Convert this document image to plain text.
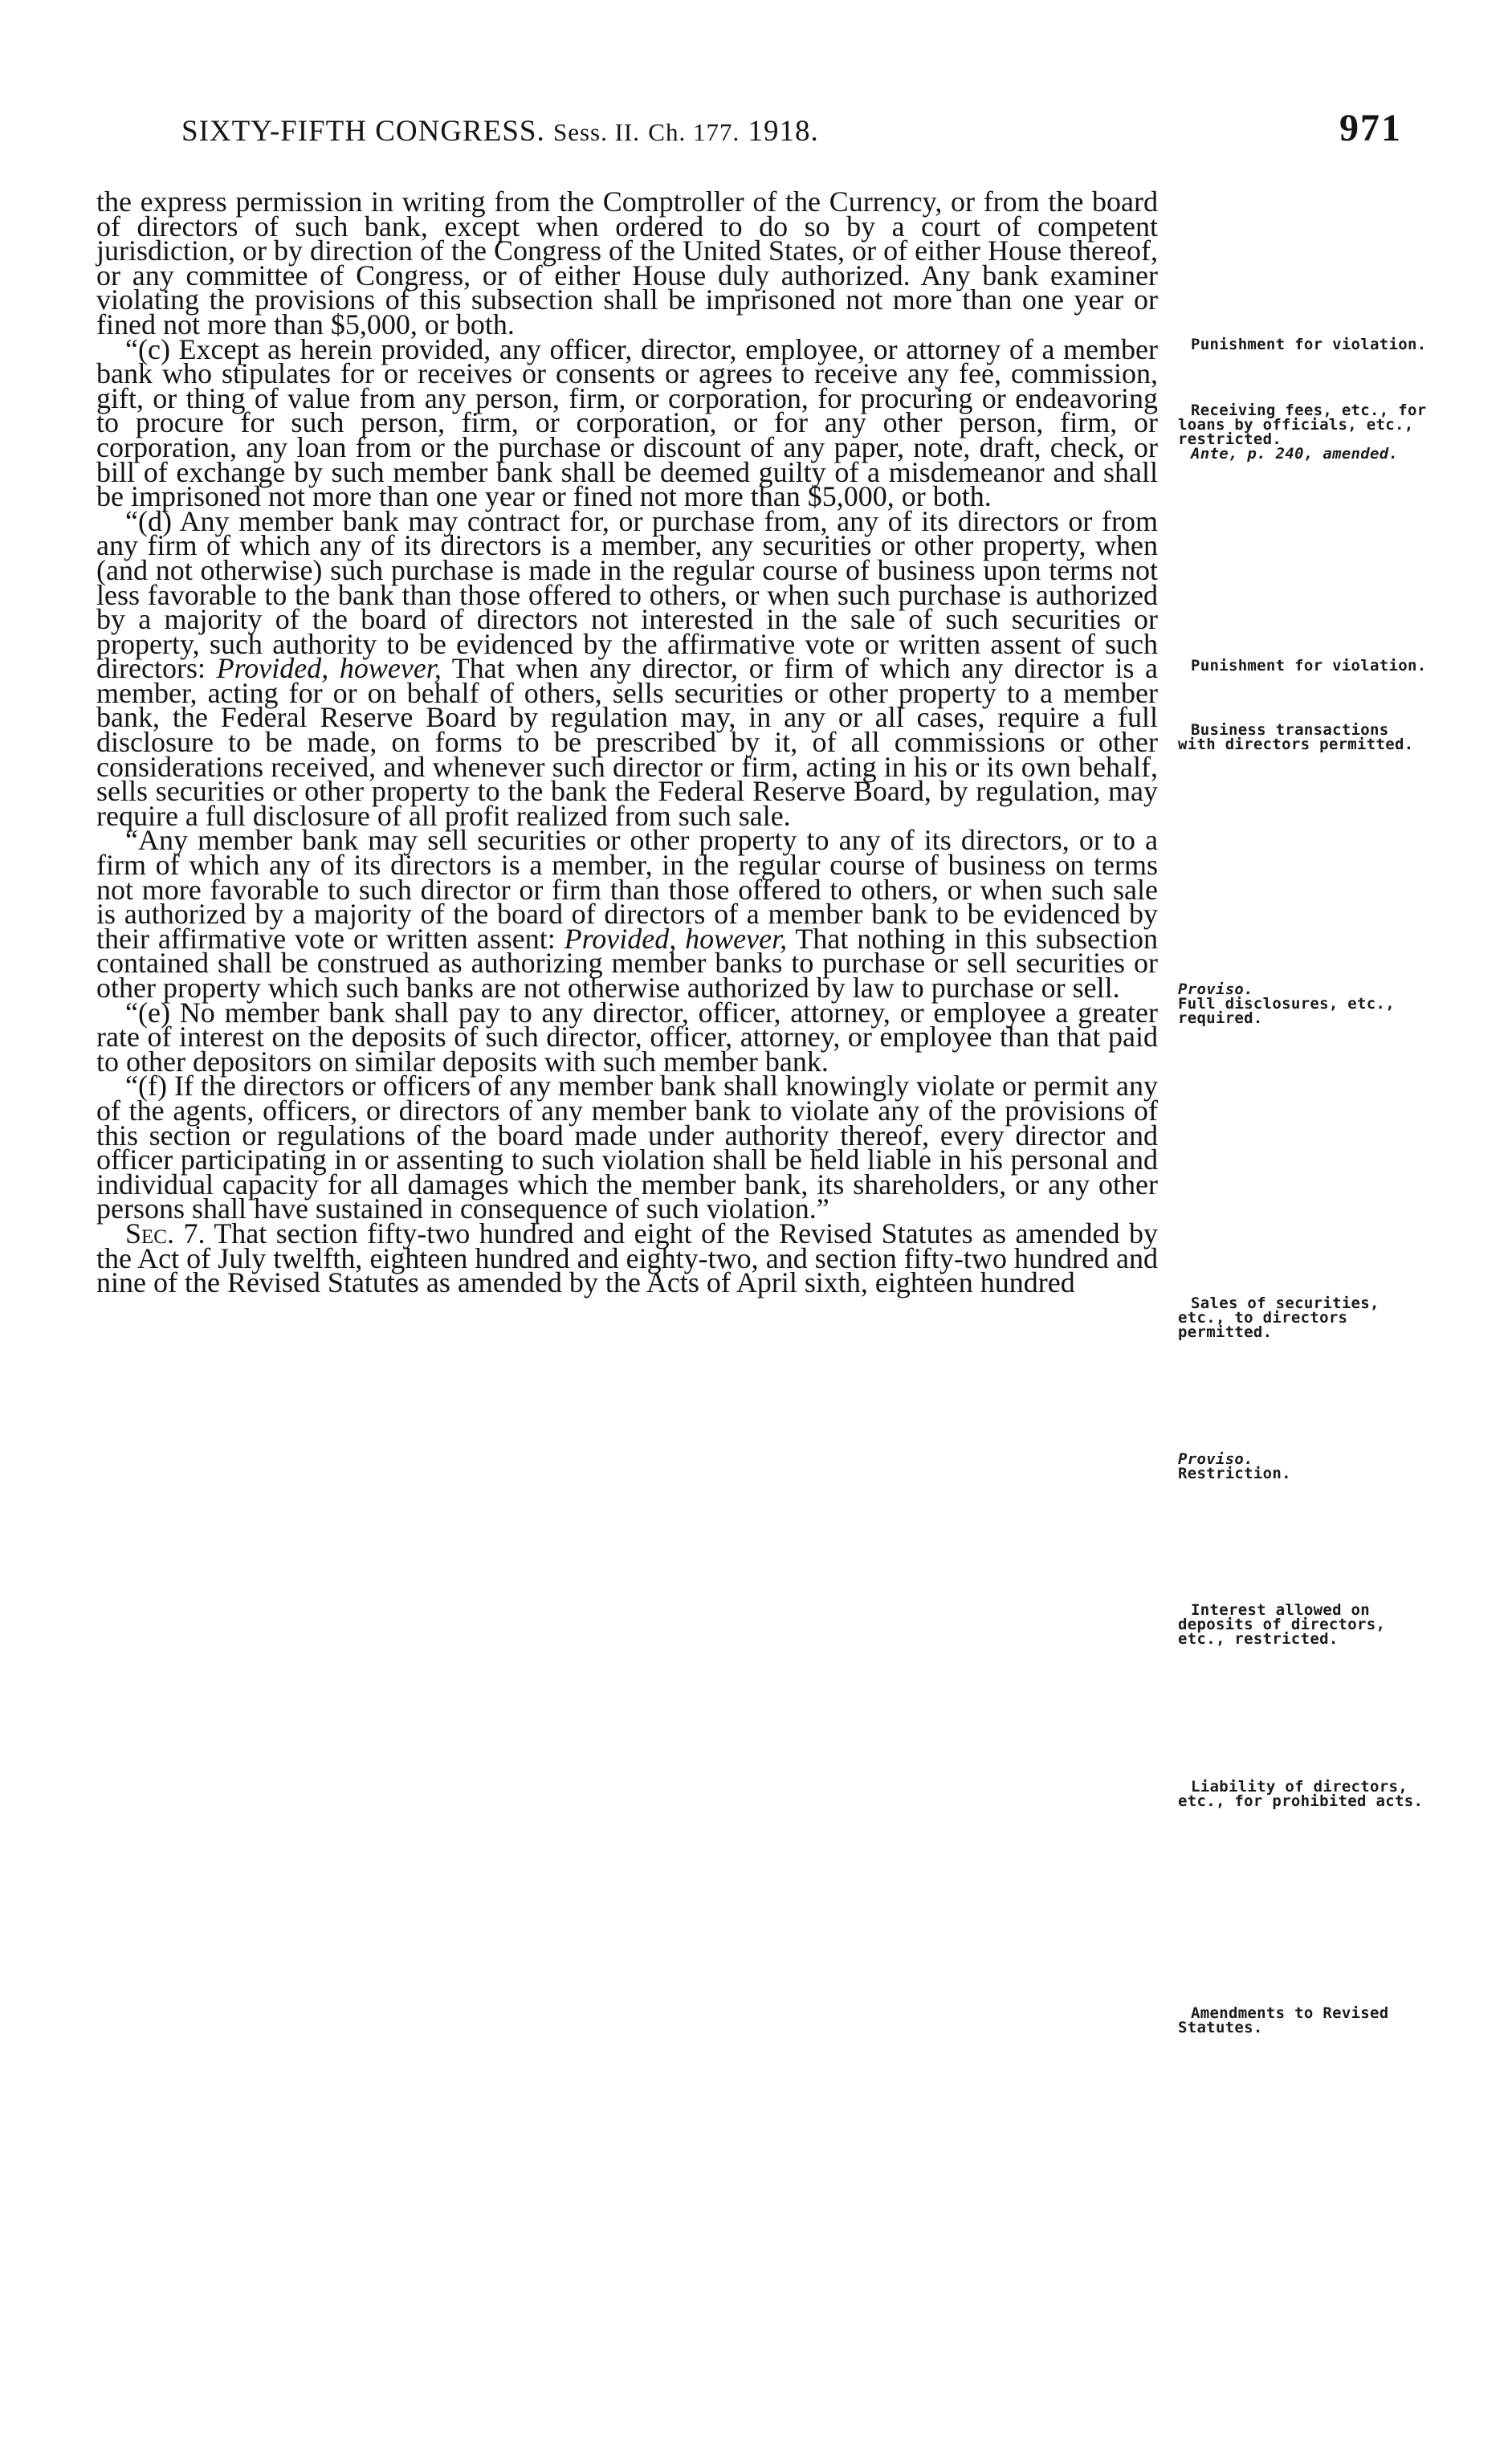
SIXTY-FIFTH CONGRESS. Sess. II. Ch. 177. 1918.	971

the express permission in writing from the Comptroller of the Currency, or from the board of directors of such bank, except when ordered to do so by a court of competent jurisdiction, or by direction of the Congress of the United States, or of either House thereof, or any committee of Congress, or of either House duly authorized. Any bank examiner violating the provisions of this subsection shall be imprisoned not more than one year or fined not more than $5,000, or both.

“(c) Except as herein provided, any officer, director, employee, or attorney of a member bank who stipulates for or receives or consents or agrees to receive any fee, commission, gift, or thing of value from any person, firm, or corporation, for procuring or endeavoring to procure for such person, firm, or corporation, or for any other person, firm, or corporation, any loan from or the purchase or discount of any paper, note, draft, check, or bill of exchange by such member bank shall be deemed guilty of a misdemeanor and shall be imprisoned not more than one year or fined not more than $5,000, or both.

“(d) Any member bank may contract for, or purchase from, any of its directors or from any firm of which any of its directors is a member, any securities or other property, when (and not otherwise) such purchase is made in the regular course of business upon terms not less favorable to the bank than those offered to others, or when such purchase is authorized by a majority of the board of directors not interested in the sale of such securities or property, such authority to be evidenced by the affirmative vote or written assent of such directors: Provided, however, That when any director, or firm of which any director is a member, acting for or on behalf of others, sells securities or other property to a member bank, the Federal Reserve Board by regulation may, in any or all cases, require a full disclosure to be made, on forms to be prescribed by it, of all commissions or other considerations received, and whenever such director or firm, acting in his or its own behalf, sells securities or other property to the bank the Federal Reserve Board, by regulation, may require a full disclosure of all profit realized from such sale.

“Any member bank may sell securities or other property to any of its directors, or to a firm of which any of its directors is a member, in the regular course of business on terms not more favorable to such director or firm than those offered to others, or when such sale is authorized by a majority of the board of directors of a member bank to be evidenced by their affirmative vote or written assent: Provided, however, That nothing in this subsection contained shall be construed as authorizing member banks to purchase or sell securities or other property which such banks are not otherwise authorized by law to purchase or sell.

“(e) No member bank shall pay to any director, officer, attorney, or employee a greater rate of interest on the deposits of such director, officer, attorney, or employee than that paid to other depositors on similar deposits with such member bank.

“(f) If the directors or officers of any member bank shall knowingly violate or permit any of the agents, officers, or directors of any member bank to violate any of the provisions of this section or regulations of the board made under authority thereof, every director and officer participating in or assenting to such violation shall be held liable in his personal and individual capacity for all damages which the member bank, its shareholders, or any other persons shall have sustained in consequence of such violation.”

Sec. 7. That section fifty-two hundred and eight of the Revised Statutes as amended by the Act of July twelfth, eighteen hundred and eighty-two, and section fifty-two hundred and nine of the Revised Statutes as amended by the Acts of April sixth, eighteen hundred

Punishment for violation.
Receiving fees, etc., for loans by officials, etc., restricted.
Ante, p. 240, amended.
Punishment for violation.
Business transactions with directors permitted.
Proviso.
Full disclosures, etc., required.
Sales of securities, etc., to directors permitted.
Proviso.
Restriction.
Interest allowed on deposits of directors, etc., restricted.
Liability of directors, etc., for prohibited acts.
Amendments to Revised Statutes.
